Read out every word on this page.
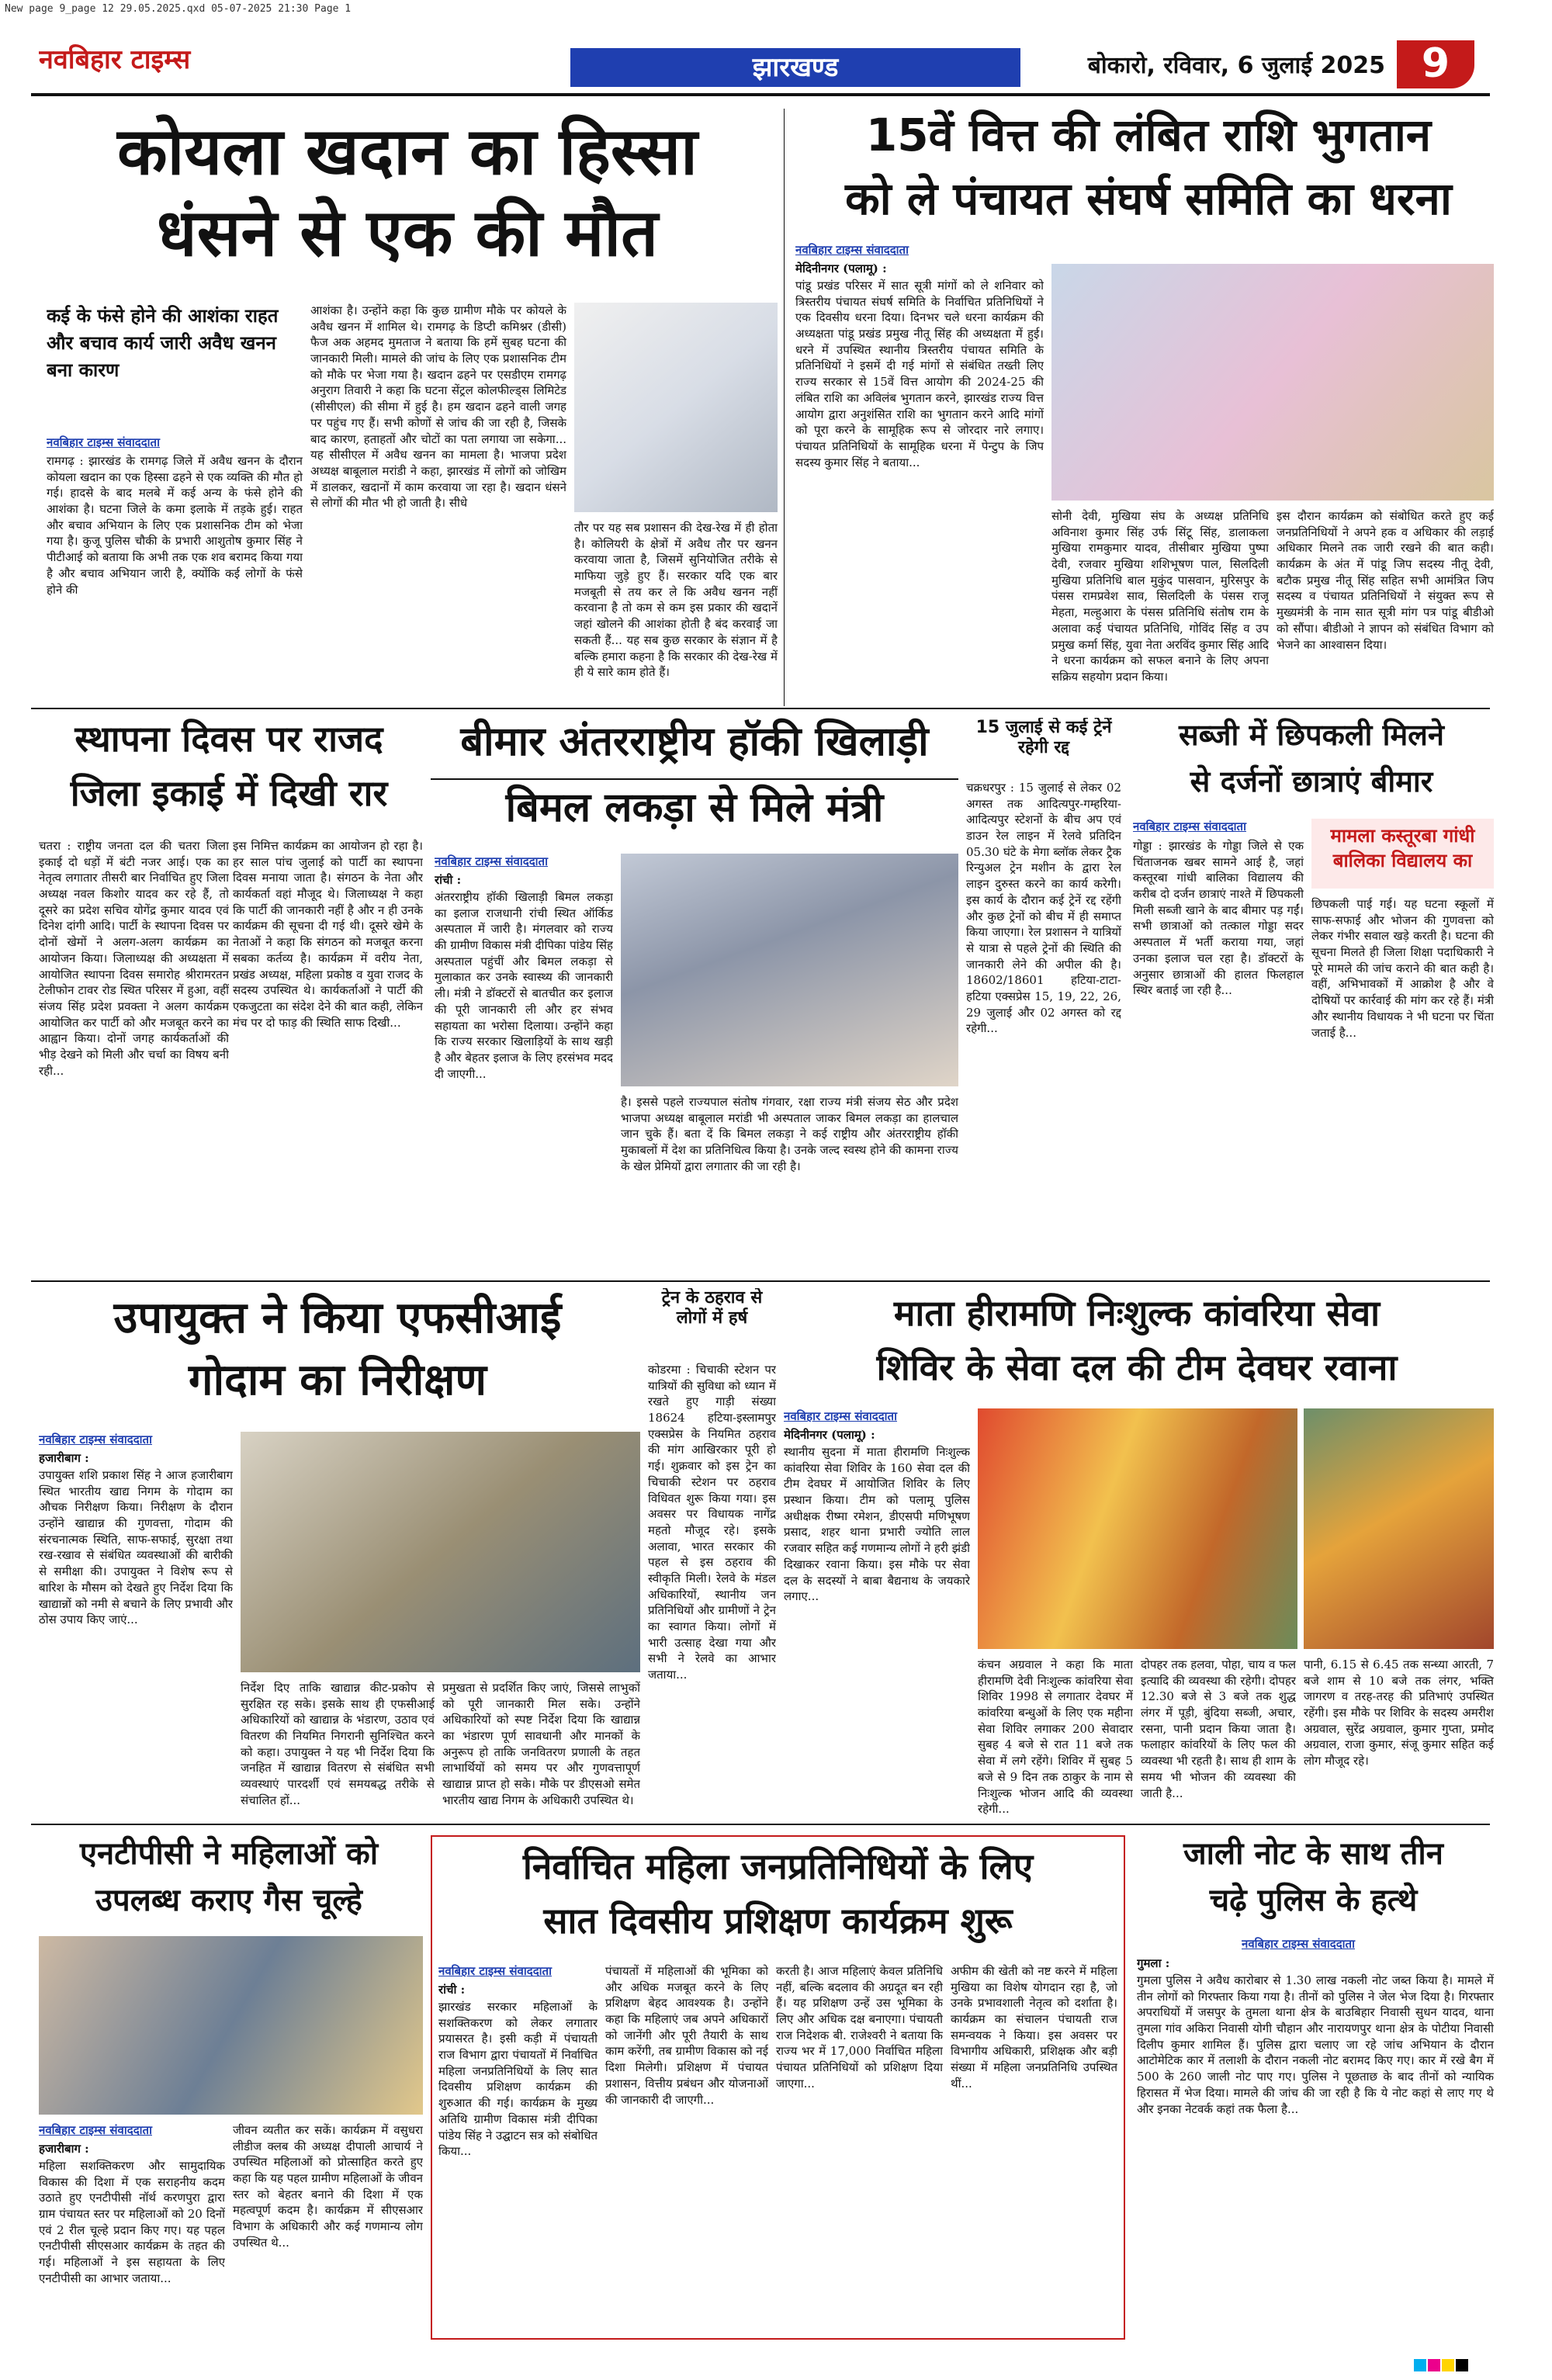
New page 9_page 12 29.05.2025.qxd 05-07-2025 21:30 Page 1
नवबिहार टाइम्स	झारखण्ड	बोकारो, रविवार, 6 जुलाई 2025 9
कोयला खदान का हिस्सा
धंसने से एक की मौत
कई के फंसे होने की आशंका राहत और बचाव कार्य जारी अवैध खनन बना कारण
नवबिहार टाइम्स संवाददाता
रामगढ़ : झारखंड के रामगढ़ जिले में अवैध खनन के दौरान कोयला खदान का एक हिस्सा ढहने से एक व्यक्ति की मौत हो गई। हादसे के बाद मलबे में कई अन्य के फंसे होने की आशंका है। घटना जिले के कमा इलाके में तड़के हुई। राहत और बचाव अभियान के लिए एक प्रशासनिक टीम को भेजा गया है। कुजू पुलिस चौकी के प्रभारी आशुतोष कुमार सिंह ने पीटीआई को बताया कि अभी तक एक शव बरामद किया गया है और बचाव अभियान जारी है, क्योंकि कई लोगों के फंसे होने की
आशंका है। उन्होंने कहा कि कुछ ग्रामीण मौके पर कोयले के अवैध खनन में शामिल थे। रामगढ़ के डिप्टी कमिश्नर (डीसी) फैज अक अहमद मुमताज ने बताया कि हमें सुबह घटना की जानकारी मिली। मामले की जांच के लिए एक प्रशासनिक टीम को मौके पर भेजा गया है। खदान ढहने पर एसडीएम रामगढ़ अनुराग तिवारी ने कहा कि घटना सेंट्रल कोलफील्ड्स लिमिटेड (सीसीएल) की सीमा में हुई है। हम खदान ढहने वाली जगह पर पहुंच गए हैं। सभी कोणों से जांच की जा रही है, जिसके बाद कारण, हताहतों और चोटों का पता लगाया जा सकेगा... यह सीसीएल में अवैध खनन का मामला है। भाजपा प्रदेश अध्यक्ष बाबूलाल मरांडी ने कहा, झारखंड में लोगों को जोखिम में डालकर, खदानों में काम करवाया जा रहा है। खदान धंसने से लोगों की मौत भी हो जाती है। सीधे
तौर पर यह सब प्रशासन की देख-रेख में ही होता है। कोलियरी के क्षेत्रों में अवैध तौर पर खनन करवाया जाता है, जिसमें सुनियोजित तरीके से माफिया जुड़े हुए हैं। सरकार यदि एक बार मजबूती से तय कर ले कि अवैध खनन नहीं करवाना है तो कम से कम इस प्रकार की खदानें जहां खोलने की आशंका होती है बंद करवाई जा सकती हैं... यह सब कुछ सरकार के संज्ञान में है बल्कि हमारा कहना है कि सरकार की देख-रेख में ही ये सारे काम होते हैं।
15वें वित्त की लंबित राशि भुगतान
को ले पंचायत संघर्ष समिति का धरना
नवबिहार टाइम्स संवाददाता
मेदिनीनगर (पलामू) :
पांडू प्रखंड परिसर में सात सूत्री मांगों को ले शनिवार को त्रिस्तरीय पंचायत संघर्ष समिति के निर्वाचित प्रतिनिधियों ने एक दिवसीय धरना दिया। दिनभर चले धरना कार्यक्रम की अध्यक्षता पांडू प्रखंड प्रमुख नीतू सिंह की अध्यक्षता में हुई। धरने में उपस्थित स्थानीय त्रिस्तरीय पंचायत समिति के प्रतिनिधियों ने इसमें दी गई मांगों से संबंधित तख्ती लिए राज्य सरकार से 15वें वित्त आयोग की 2024-25 की लंबित राशि का अविलंब भुगतान करने, झारखंड राज्य वित्त आयोग द्वारा अनुशंसित राशि का भुगतान करने आदि मांगों को पूरा करने के सामूहिक रूप से जोरदार नारे लगाए। पंचायत प्रतिनिधियों के सामूहिक धरना में पेन्टुप के जिप सदस्य कुमार सिंह ने बताया...
सोनी देवी, मुखिया संघ के अध्यक्ष प्रतिनिधि अविनाश कुमार सिंह उर्फ सिंटू सिंह, डालाकला मुखिया रामकुमार यादव, तीसीबार मुखिया पुष्पा देवी, रजवार मुखिया शशिभूषण पाल, सिलदिली मुखिया प्रतिनिधि बाल मुकुंद पासवान, मुरिसपुर के पंसस रामप्रवेश साव, सिलदिली के पंसस राजू मेहता, मल्हुआरा के पंसस प्रतिनिधि संतोष राम के अलावा कई पंचायत प्रतिनिधि, गोविंद सिंह व उप प्रमुख कर्मा सिंह, युवा नेता अरविंद कुमार सिंह आदि ने धरना कार्यक्रम को सफल बनाने के लिए अपना सक्रिय सहयोग प्रदान किया।
इस दौरान कार्यक्रम को संबोधित करते हुए कई जनप्रतिनिधियों ने अपने हक व अधिकार की लड़ाई अधिकार मिलने तक जारी रखने की बात कही। कार्यक्रम के अंत में पांडू जिप सदस्य नीतू देवी, बटौक प्रमुख नीतू सिंह सहित सभी आमंत्रित जिप सदस्य व पंचायत प्रतिनिधियों ने संयुक्त रूप से मुख्यमंत्री के नाम सात सूत्री मांग पत्र पांडू बीडीओ को सौंपा। बीडीओ ने ज्ञापन को संबंधित विभाग को भेजने का आश्वासन दिया।
स्थापना दिवस पर राजद
जिला इकाई में दिखी रार
चतरा : राष्ट्रीय जनता दल की चतरा जिला इकाई दो धड़ों में बंटी नजर आई। एक का नेतृत्व लगातार तीसरी बार निर्वाचित हुए जिला अध्यक्ष नवल किशोर यादव कर रहे हैं, तो दूसरे का प्रदेश सचिव योगेंद्र कुमार यादव एवं दिनेश दांगी आदि। पार्टी के स्थापना दिवस पर दोनों खेमों ने अलग-अलग कार्यक्रम का आयोजन किया। जिलाध्यक्ष की अध्यक्षता में आयोजित स्थापना दिवस समारोह श्रीरामरतन टेलीफोन टावर रोड स्थित परिसर में हुआ, वहीं संजय सिंह प्रदेश प्रवक्ता ने अलग कार्यक्रम आयोजित कर पार्टी को और मजबूत करने का आह्वान किया। दोनों जगह कार्यकर्ताओं की भीड़ देखने को मिली और चर्चा का विषय बनी रही...
इस निमित्त कार्यक्रम का आयोजन हो रहा है। हर साल पांच जुलाई को पार्टी का स्थापना दिवस मनाया जाता है। संगठन के नेता और कार्यकर्ता वहां मौजूद थे। जिलाध्यक्ष ने कहा कि पार्टी की जानकारी नहीं है और न ही उनके कार्यक्रम की सूचना दी गई थी। दूसरे खेमे के नेताओं ने कहा कि संगठन को मजबूत करना सबका कर्तव्य है। कार्यक्रम में वरीय नेता, प्रखंड अध्यक्ष, महिला प्रकोष्ठ व युवा राजद के सदस्य उपस्थित थे। कार्यकर्ताओं ने पार्टी की एकजुटता का संदेश देने की बात कही, लेकिन मंच पर दो फाड़ की स्थिति साफ दिखी...
बीमार अंतरराष्ट्रीय हॉकी खिलाड़ी
बिमल लकड़ा से मिले मंत्री
नवबिहार टाइम्स संवाददाता
रांची :
अंतरराष्ट्रीय हॉकी खिलाड़ी बिमल लकड़ा का इलाज राजधानी रांची स्थित ऑर्किड अस्पताल में जारी है। मंगलवार को राज्य की ग्रामीण विकास मंत्री दीपिका पांडेय सिंह अस्पताल पहुंचीं और बिमल लकड़ा से मुलाकात कर उनके स्वास्थ्य की जानकारी ली। मंत्री ने डॉक्टरों से बातचीत कर इलाज की पूरी जानकारी ली और हर संभव सहायता का भरोसा दिलाया। उन्होंने कहा कि राज्य सरकार खिलाड़ियों के साथ खड़ी है और बेहतर इलाज के लिए हरसंभव मदद दी जाएगी...
है। इससे पहले राज्यपाल संतोष गंगवार, रक्षा राज्य मंत्री संजय सेठ और प्रदेश भाजपा अध्यक्ष बाबूलाल मरांडी भी अस्पताल जाकर बिमल लकड़ा का हालचाल जान चुके हैं। बता दें कि बिमल लकड़ा ने कई राष्ट्रीय और अंतरराष्ट्रीय हॉकी मुकाबलों में देश का प्रतिनिधित्व किया है। उनके जल्द स्वस्थ होने की कामना राज्य के खेल प्रेमियों द्वारा लगातार की जा रही है।
15 जुलाई से कई ट्रेनें रहेगी रद्द
चक्रधरपुर : 15 जुलाई से लेकर 02 अगस्त तक आदित्यपुर-गम्हरिया-आदित्यपुर स्टेशनों के बीच अप एवं डाउन रेल लाइन में रेलवे प्रतिदिन 05.30 घंटे के मेगा ब्लॉक लेकर ट्रैक रिन्युअल ट्रेन मशीन के द्वारा रेल लाइन दुरुस्त करने का कार्य करेगी। इस कार्य के दौरान कई ट्रेनें रद्द रहेंगी और कुछ ट्रेनों को बीच में ही समाप्त किया जाएगा। रेल प्रशासन ने यात्रियों से यात्रा से पहले ट्रेनों की स्थिति की जानकारी लेने की अपील की है। 18602/18601 हटिया-टाटा-हटिया एक्सप्रेस 15, 19, 22, 26, 29 जुलाई और 02 अगस्त को रद्द रहेगी...
सब्जी में छिपकली मिलने
से दर्जनों छात्राएं बीमार
नवबिहार टाइम्स संवाददाता
गोड्डा : झारखंड के गोड्डा जिले से एक चिंताजनक खबर सामने आई है, जहां कस्तूरबा गांधी बालिका विद्यालय की करीब दो दर्जन छात्राएं नाश्ते में छिपकली मिली सब्जी खाने के बाद बीमार पड़ गईं। सभी छात्राओं को तत्काल गोड्डा सदर अस्पताल में भर्ती कराया गया, जहां उनका इलाज चल रहा है। डॉक्टरों के अनुसार छात्राओं की हालत फिलहाल स्थिर बताई जा रही है...
मामला कस्तूरबा गांधी बालिका विद्यालय का
छिपकली पाई गई। यह घटना स्कूलों में साफ-सफाई और भोजन की गुणवत्ता को लेकर गंभीर सवाल खड़े करती है। घटना की सूचना मिलते ही जिला शिक्षा पदाधिकारी ने पूरे मामले की जांच कराने की बात कही है। वहीं, अभिभावकों में आक्रोश है और वे दोषियों पर कार्रवाई की मांग कर रहे हैं। मंत्री और स्थानीय विधायक ने भी घटना पर चिंता जताई है...
उपायुक्त ने किया एफसीआई
गोदाम का निरीक्षण
नवबिहार टाइम्स संवाददाता
हजारीबाग :
उपायुक्त शशि प्रकाश सिंह ने आज हजारीबाग स्थित भारतीय खाद्य निगम के गोदाम का औचक निरीक्षण किया। निरीक्षण के दौरान उन्होंने खाद्यान्न की गुणवत्ता, गोदाम की संरचनात्मक स्थिति, साफ-सफाई, सुरक्षा तथा रख-रखाव से संबंधित व्यवस्थाओं की बारीकी से समीक्षा की। उपायुक्त ने विशेष रूप से बारिश के मौसम को देखते हुए निर्देश दिया कि खाद्यान्नों को नमी से बचाने के लिए प्रभावी और ठोस उपाय किए जाएं...
निर्देश दिए ताकि खाद्यान्न कीट-प्रकोप से सुरक्षित रह सके। इसके साथ ही एफसीआई अधिकारियों को खाद्यान्न के भंडारण, उठाव एवं वितरण की नियमित निगरानी सुनिश्चित करने को कहा। उपायुक्त ने यह भी निर्देश दिया कि जनहित में खाद्यान्न वितरण से संबंधित सभी व्यवस्थाएं पारदर्शी एवं समयबद्ध तरीके से संचालित हों...
प्रमुखता से प्रदर्शित किए जाएं, जिससे लाभुकों को पूरी जानकारी मिल सके। उन्होंने अधिकारियों को स्पष्ट निर्देश दिया कि खाद्यान्न का भंडारण पूर्ण सावधानी और मानकों के अनुरूप हो ताकि जनवितरण प्रणाली के तहत लाभार्थियों को समय पर और गुणवत्तापूर्ण खाद्यान्न प्राप्त हो सके। मौके पर डीएसओ समेत भारतीय खाद्य निगम के अधिकारी उपस्थित थे।
ट्रेन के ठहराव से लोगों में हर्ष
कोडरमा : चिचाकी स्टेशन पर यात्रियों की सुविधा को ध्यान में रखते हुए गाड़ी संख्या 18624 हटिया-इस्लामपुर एक्सप्रेस के नियमित ठहराव की मांग आखिरकार पूरी हो गई। शुक्रवार को इस ट्रेन का चिचाकी स्टेशन पर ठहराव विधिवत शुरू किया गया। इस अवसर पर विधायक नागेंद्र महतो मौजूद रहे। इसके अलावा, भारत सरकार की पहल से इस ठहराव की स्वीकृति मिली। रेलवे के मंडल अधिकारियों, स्थानीय जन प्रतिनिधियों और ग्रामीणों ने ट्रेन का स्वागत किया। लोगों में भारी उत्साह देखा गया और सभी ने रेलवे का आभार जताया...
माता हीरामणि निःशुल्क कांवरिया सेवा
शिविर के सेवा दल की टीम देवघर रवाना
नवबिहार टाइम्स संवाददाता
मेदिनीनगर (पलामू) :
स्थानीय सुदना में माता हीरामणि निःशुल्क कांवरिया सेवा शिविर के 160 सेवा दल की टीम देवघर में आयोजित शिविर के लिए प्रस्थान किया। टीम को पलामू पुलिस अधीक्षक रीष्मा रमेशन, डीएसपी मणिभूषण प्रसाद, शहर थाना प्रभारी ज्योति लाल रजवार सहित कई गणमान्य लोगों ने हरी झंडी दिखाकर रवाना किया। इस मौके पर सेवा दल के सदस्यों ने बाबा बैद्यनाथ के जयकारे लगाए...
कंचन अग्रवाल ने कहा कि माता हीरामणि देवी निःशुल्क कांवरिया सेवा शिविर 1998 से लगातार देवघर में कांवरिया बन्धुओं के लिए एक महीना सेवा शिविर लगाकर 200 सेवादार सुबह 4 बजे से रात 11 बजे तक सेवा में लगे रहेंगे। शिविर में सुबह 5 बजे से 9 दिन तक ठाकुर के नाम से निःशुल्क भोजन आदि की व्यवस्था रहेगी...
दोपहर तक हलवा, पोहा, चाय व फल इत्यादि की व्यवस्था की रहेगी। दोपहर 12.30 बजे से 3 बजे तक शुद्ध लंगर में पूड़ी, बुंदिया सब्जी, अचार, रसना, पानी प्रदान किया जाता है। फलाहार कांवरियों के लिए फल की व्यवस्था भी रहती है। साथ ही शाम के समय भी भोजन की व्यवस्था की जाती है...
पानी, 6.15 से 6.45 तक सन्ध्या आरती, 7 बजे शाम से 10 बजे तक लंगर, भक्ति जागरण व तरह-तरह की प्रतिभाएं उपस्थित रहेंगी। इस मौके पर शिविर के सदस्य अमरीश अग्रवाल, सुरेंद्र अग्रवाल, कुमार गुप्ता, प्रमोद अग्रवाल, राजा कुमार, संजू कुमार सहित कई लोग मौजूद रहे।
एनटीपीसी ने महिलाओं को
उपलब्ध कराए गैस चूल्हे
नवबिहार टाइम्स संवाददाता
हजारीबाग :
महिला सशक्तिकरण और सामुदायिक विकास की दिशा में एक सराहनीय कदम उठाते हुए एनटीपीसी नॉर्थ करणपुरा द्वारा ग्राम पंचायत स्तर पर महिलाओं को 20 दिनों एवं 2 रील चूल्हे प्रदान किए गए। यह पहल एनटीपीसी सीएसआर कार्यक्रम के तहत की गई। महिलाओं ने इस सहायता के लिए एनटीपीसी का आभार जताया...
जीवन व्यतीत कर सकें। कार्यक्रम में वसुधरा लीडीज क्लब की अध्यक्ष दीपाली आचार्य ने उपस्थित महिलाओं को प्रोत्साहित करते हुए कहा कि यह पहल ग्रामीण महिलाओं के जीवन स्तर को बेहतर बनाने की दिशा में एक महत्वपूर्ण कदम है। कार्यक्रम में सीएसआर विभाग के अधिकारी और कई गणमान्य लोग उपस्थित थे...
निर्वाचित महिला जनप्रतिनिधियों के लिए
सात दिवसीय प्रशिक्षण कार्यक्रम शुरू
नवबिहार टाइम्स संवाददाता
रांची :
झारखंड सरकार महिलाओं के सशक्तिकरण को लेकर लगातार प्रयासरत है। इसी कड़ी में पंचायती राज विभाग द्वारा पंचायतों में निर्वाचित महिला जनप्रतिनिधियों के लिए सात दिवसीय प्रशिक्षण कार्यक्रम की शुरुआत की गई। कार्यक्रम के मुख्य अतिथि ग्रामीण विकास मंत्री दीपिका पांडेय सिंह ने उद्घाटन सत्र को संबोधित किया...
पंचायतों में महिलाओं की भूमिका को और अधिक मजबूत करने के लिए प्रशिक्षण बेहद आवश्यक है। उन्होंने कहा कि महिलाएं जब अपने अधिकारों को जानेंगी और पूरी तैयारी के साथ काम करेंगी, तब ग्रामीण विकास को नई दिशा मिलेगी। प्रशिक्षण में पंचायत प्रशासन, वित्तीय प्रबंधन और योजनाओं की जानकारी दी जाएगी...
करती है। आज महिलाएं केवल प्रतिनिधि नहीं, बल्कि बदलाव की अग्रदूत बन रही हैं। यह प्रशिक्षण उन्हें उस भूमिका के लिए और अधिक दक्ष बनाएगा। पंचायती राज निदेशक बी. राजेश्वरी ने बताया कि राज्य भर में 17,000 निर्वाचित महिला पंचायत प्रतिनिधियों को प्रशिक्षण दिया जाएगा...
अफीम की खेती को नष्ट करने में महिला मुखिया का विशेष योगदान रहा है, जो उनके प्रभावशाली नेतृत्व को दर्शाता है। कार्यक्रम का संचालन पंचायती राज समन्वयक ने किया। इस अवसर पर विभागीय अधिकारी, प्रशिक्षक और बड़ी संख्या में महिला जनप्रतिनिधि उपस्थित थीं...
जाली नोट के साथ तीन
चढ़े पुलिस के हत्थे
नवबिहार टाइम्स संवाददाता
गुमला :
गुमला पुलिस ने अवैध कारोबार से 1.30 लाख नकली नोट जब्त किया है। मामले में तीन लोगों को गिरफ्तार किया गया है। तीनों को पुलिस ने जेल भेज दिया है। गिरफ्तार अपराधियों में जसपुर के तुमला थाना क्षेत्र के बाउबिहार निवासी सुधन यादव, थाना तुमला गांव अकिरा निवासी योगी चौहान और नारायणपुर थाना क्षेत्र के पोटीया निवासी दिलीप कुमार शामिल हैं। पुलिस द्वारा चलाए जा रहे जांच अभियान के दौरान आटोमेटिक कार में तलाशी के दौरान नकली नोट बरामद किए गए। कार में रखे बैग में 500 के 260 जाली नोट पाए गए। पुलिस ने पूछताछ के बाद तीनों को न्यायिक हिरासत में भेज दिया। मामले की जांच की जा रही है कि ये नोट कहां से लाए गए थे और इनका नेटवर्क कहां तक फैला है...
